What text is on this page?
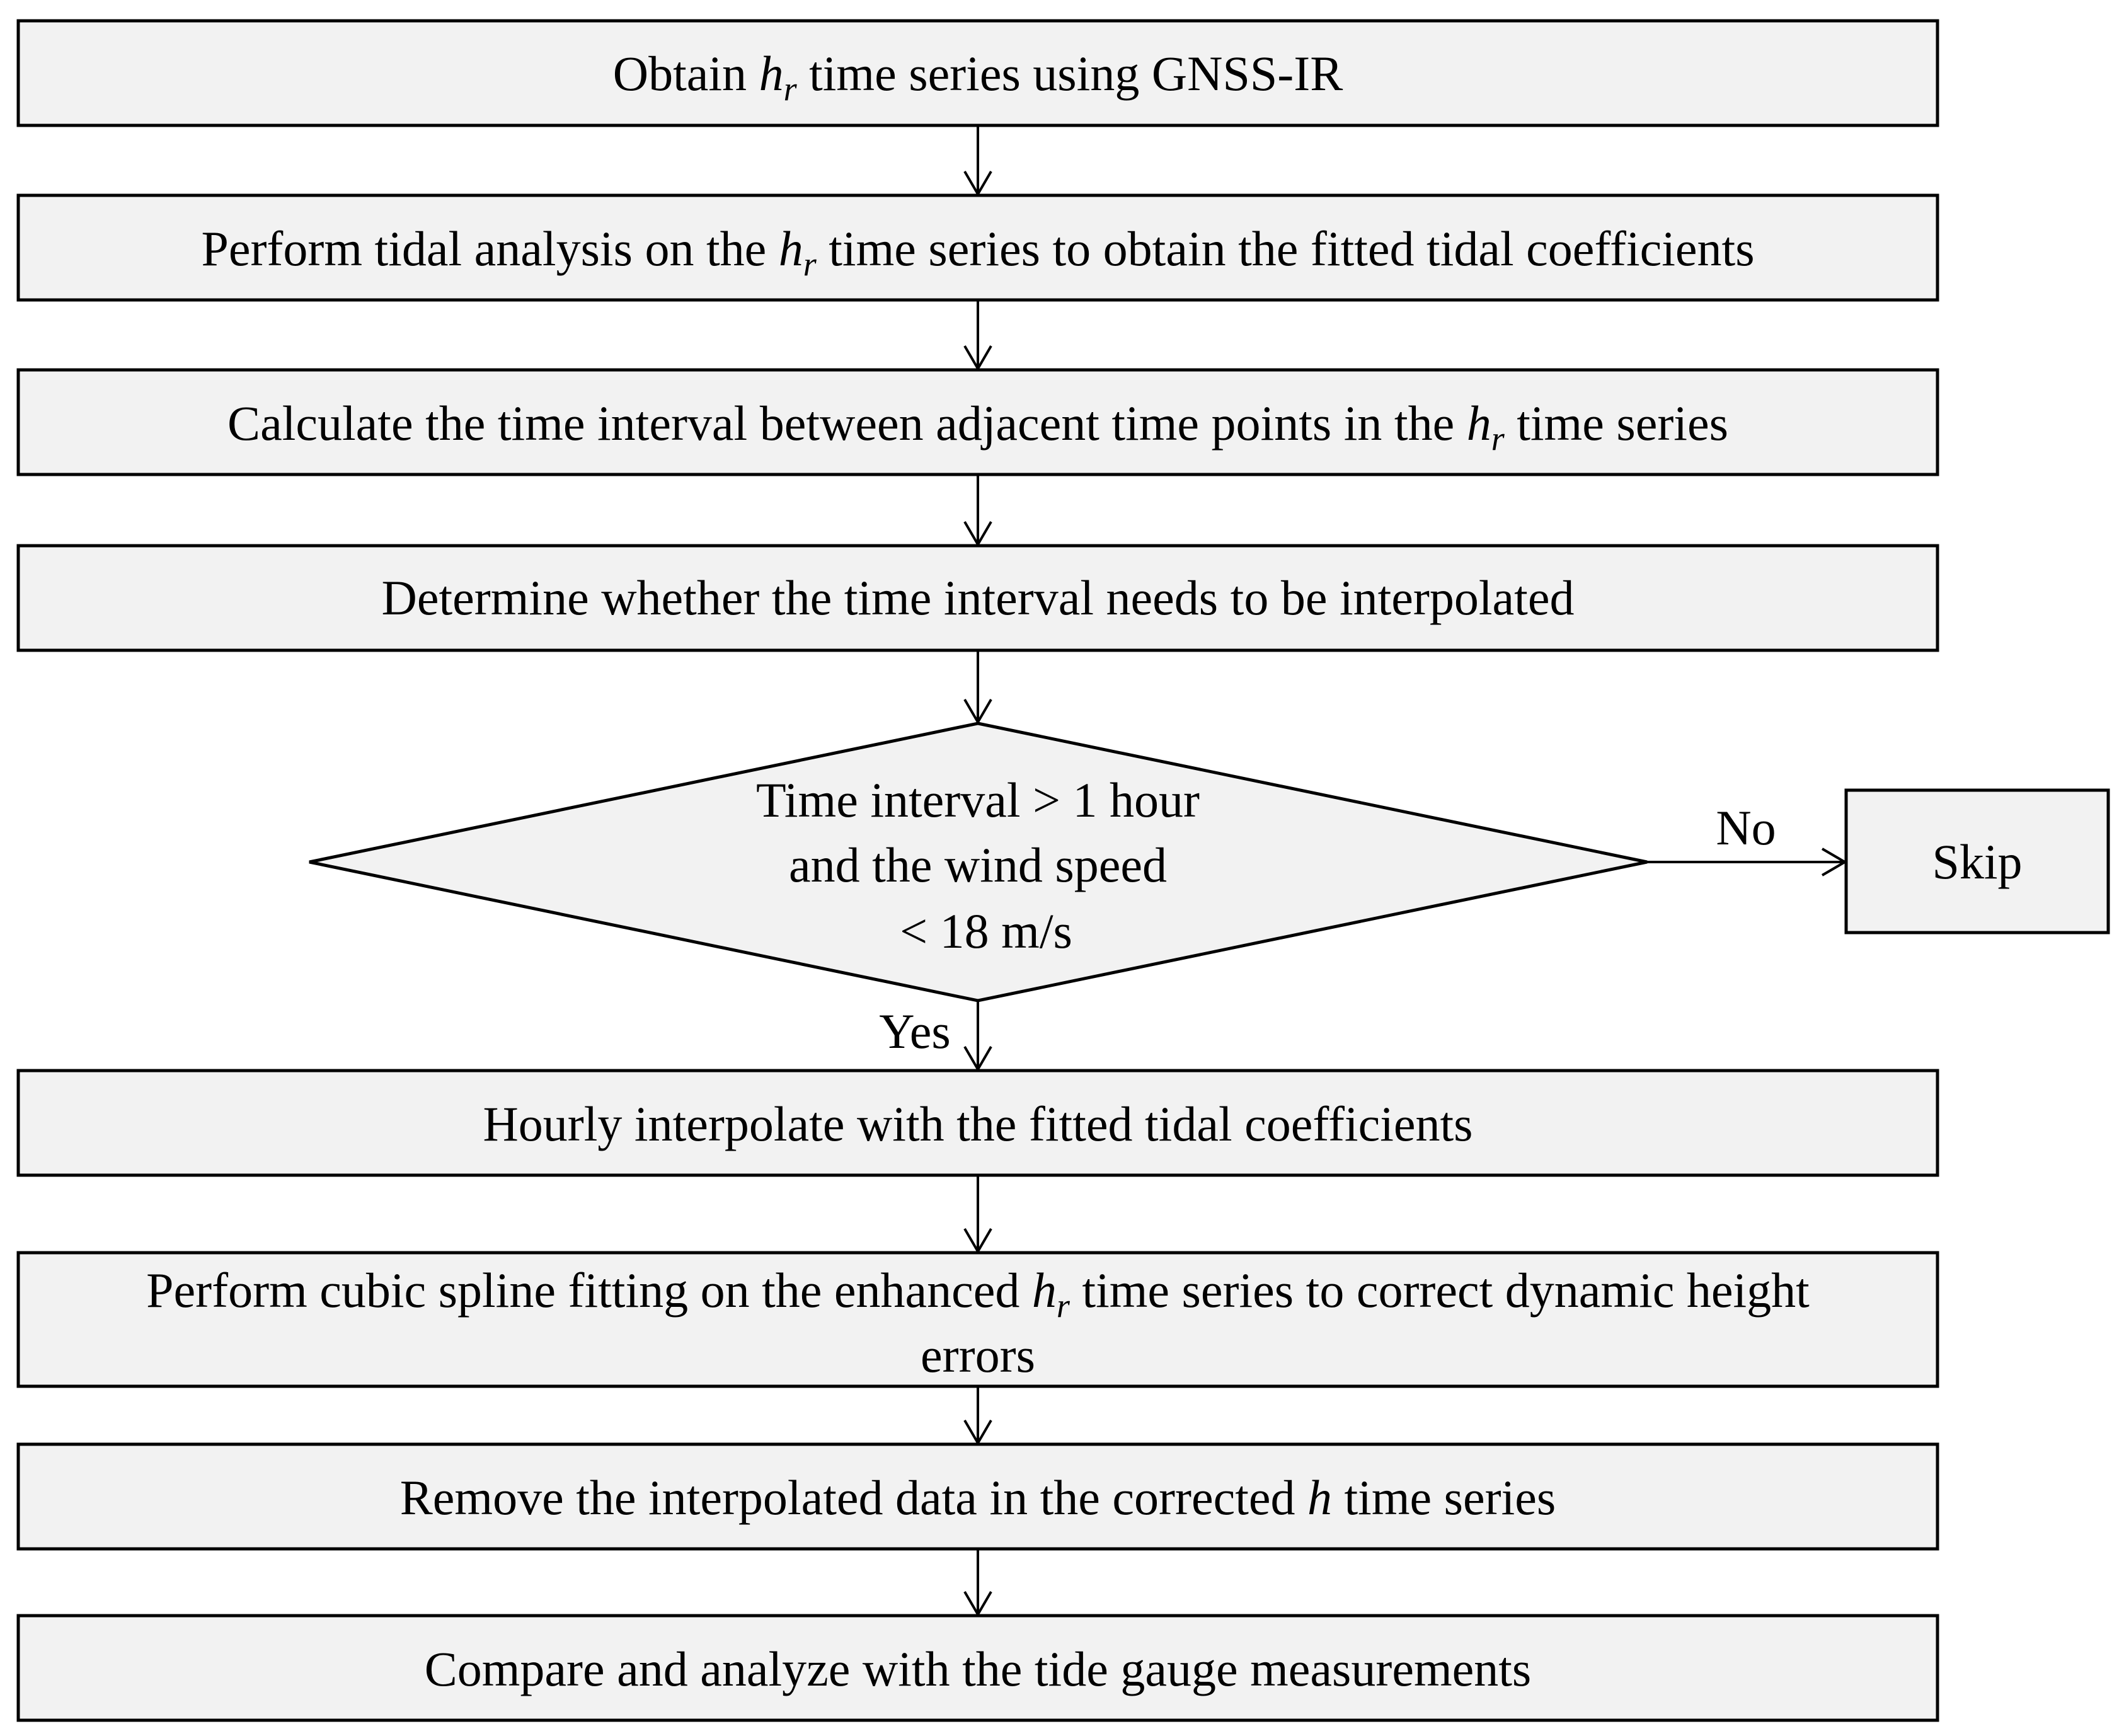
Obtain $h_r$ time series using GNSS-IR
Perform tidal analysis on the $h_r$ time series to obtain the fitted tidal coefficients
Calculate the time interval between adjacent time points in the $h_r$ time series
Determine whether the time interval needs to be interpolated
Time interval > 1 hour
and the wind speed
< 18 m/s
No
Skip
Yes
Hourly interpolate with the fitted tidal coefficients
Perform cubic spline fitting on the enhanced $h_r$ time series to correct dynamic height
errors
Remove the interpolated data in the corrected h time series
Compare and analyze with the tide gauge measurements
